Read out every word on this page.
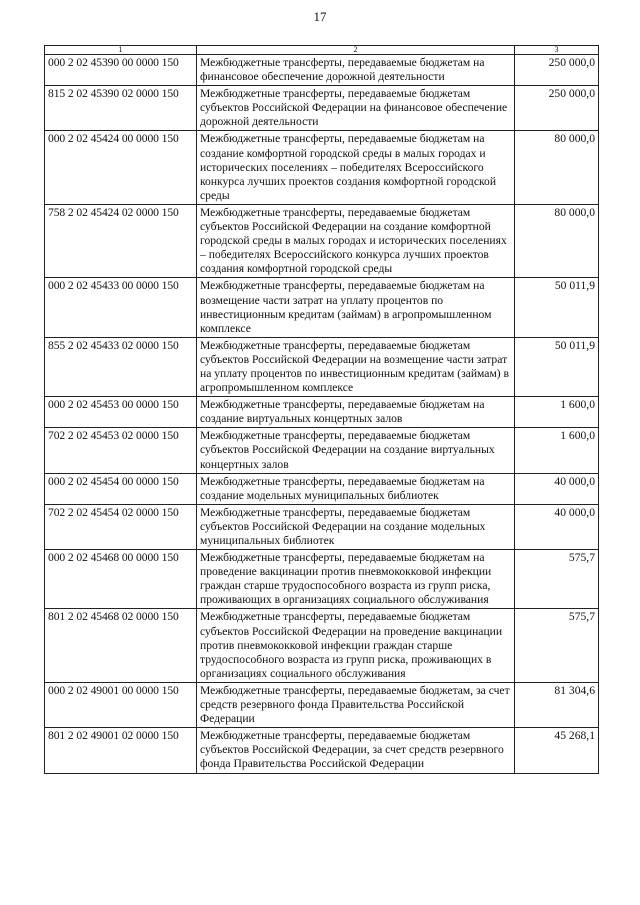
17
1	2	3
000 2 02 45390 00 0000 150	Межбюджетные трансферты, передаваемые бюджетам на финансовое обеспечение дорожной деятельности	250 000,0
815 2 02 45390 02 0000 150	Межбюджетные трансферты, передаваемые бюджетам субъектов Российской Федерации на финансовое обеспечение дорожной деятельности	250 000,0
000 2 02 45424 00 0000 150	Межбюджетные трансферты, передаваемые бюджетам на создание комфортной городской среды в малых городах и исторических поселениях – победителях Всероссийского конкурса лучших проектов создания комфортной городской среды	80 000,0
758 2 02 45424 02 0000 150	Межбюджетные трансферты, передаваемые бюджетам субъектов Российской Федерации на создание комфортной городской среды в малых городах и исторических поселениях – победителях Всероссийского конкурса лучших проектов создания комфортной городской среды	80 000,0
000 2 02 45433 00 0000 150	Межбюджетные трансферты, передаваемые бюджетам на возмещение части затрат на уплату процентов по инвестиционным кредитам (займам) в агропромышленном комплексе	50 011,9
855 2 02 45433 02 0000 150	Межбюджетные трансферты, передаваемые бюджетам субъектов Российской Федерации на возмещение части затрат на уплату процентов по инвестиционным кредитам (займам) в агропромышленном комплексе	50 011,9
000 2 02 45453 00 0000 150	Межбюджетные трансферты, передаваемые бюджетам на создание виртуальных концертных залов	1 600,0
702 2 02 45453 02 0000 150	Межбюджетные трансферты, передаваемые бюджетам субъектов Российской Федерации на создание виртуальных концертных залов	1 600,0
000 2 02 45454 00 0000 150	Межбюджетные трансферты, передаваемые бюджетам на создание модельных муниципальных библиотек	40 000,0
702 2 02 45454 02 0000 150	Межбюджетные трансферты, передаваемые бюджетам субъектов Российской Федерации на создание модельных муниципальных библиотек	40 000,0
000 2 02 45468 00 0000 150	Межбюджетные трансферты, передаваемые бюджетам на проведение вакцинации против пневмококковой инфекции граждан старше трудоспособного возраста из групп риска, проживающих в организациях социального обслуживания	575,7
801 2 02 45468 02 0000 150	Межбюджетные трансферты, передаваемые бюджетам субъектов Российской Федерации на проведение вакцинации против пневмококковой инфекции граждан старше трудоспособного возраста из групп риска, проживающих в организациях социального обслуживания	575,7
000 2 02 49001 00 0000 150	Межбюджетные трансферты, передаваемые бюджетам, за счет средств резервного фонда Правительства Российской Федерации	81 304,6
801 2 02 49001 02 0000 150	Межбюджетные трансферты, передаваемые бюджетам субъектов Российской Федерации, за счет средств резервного фонда Правительства Российской Федерации	45 268,1
